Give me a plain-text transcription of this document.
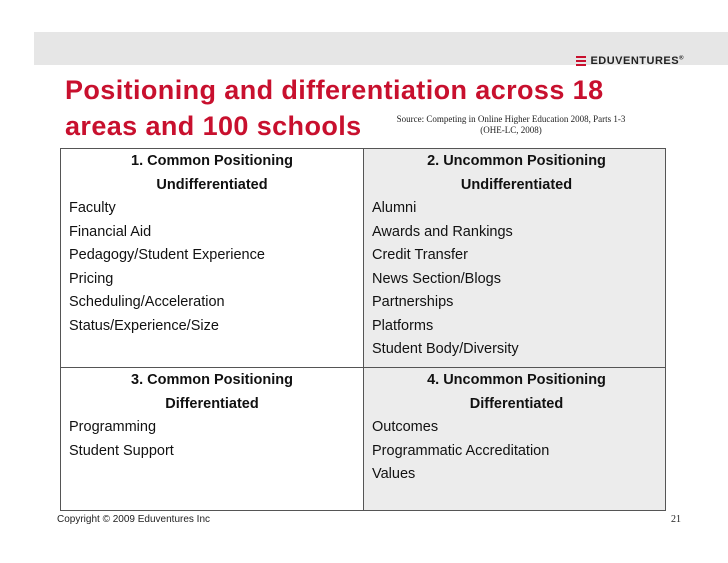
EDUVENTURES®
Positioning and differentiation across 18
areas and 100 schools	Source: Competing in Online Higher Education 2008, Parts 1-3
(OHE-LC, 2008)
1. Common Positioning
Undifferentiated
Faculty
Financial Aid
Pedagogy/Student Experience
Pricing
Scheduling/Acceleration
Status/Experience/Size
2. Uncommon Positioning
Undifferentiated
Alumni
Awards and Rankings
Credit Transfer
News Section/Blogs
Partnerships
Platforms
Student Body/Diversity
3. Common Positioning
Differentiated
Programming
Student Support
4. Uncommon Positioning
Differentiated
Outcomes
Programmatic Accreditation
Values
Copyright © 2009 Eduventures Inc	21
